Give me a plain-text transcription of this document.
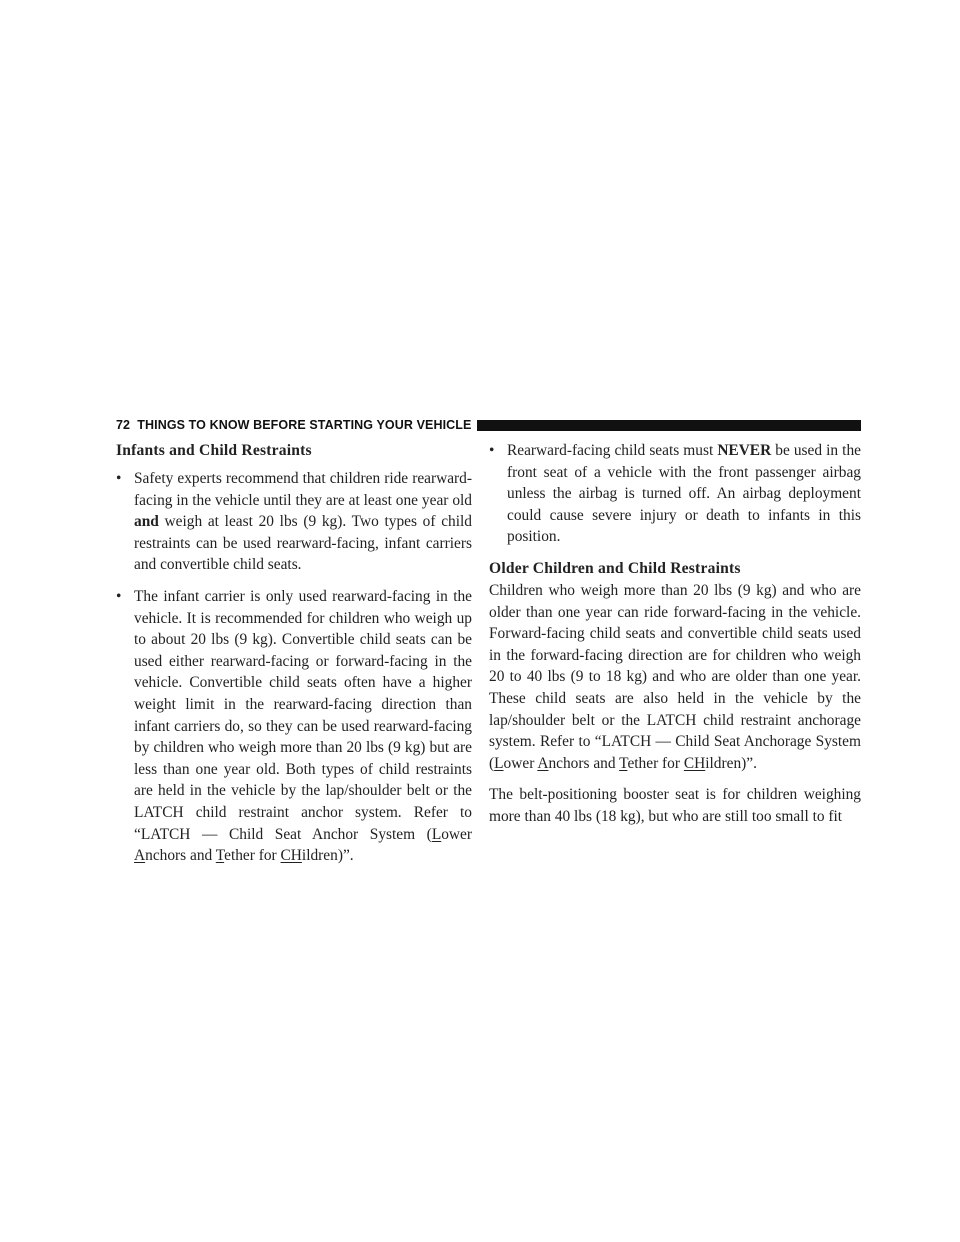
72 THINGS TO KNOW BEFORE STARTING YOUR VEHICLE
Infants and Child Restraints
• Safety experts recommend that children ride rearward-facing in the vehicle until they are at least one year old and weigh at least 20 lbs (9 kg). Two types of child restraints can be used rearward-facing, infant carriers and convertible child seats.
• The infant carrier is only used rearward-facing in the vehicle. It is recommended for children who weigh up to about 20 lbs (9 kg). Convertible child seats can be used either rearward-facing or forward-facing in the vehicle. Convertible child seats often have a higher weight limit in the rearward-facing direction than infant carriers do, so they can be used rearward-facing by children who weigh more than 20 lbs (9 kg) but are less than one year old. Both types of child restraints are held in the vehicle by the lap/shoulder belt or the LATCH child restraint anchor system. Refer to “LATCH — Child Seat Anchor System (Lower Anchors and Tether for CHildren)”.
• Rearward-facing child seats must NEVER be used in the front seat of a vehicle with the front passenger airbag unless the airbag is turned off. An airbag deployment could cause severe injury or death to infants in this position.
Older Children and Child Restraints

Children who weigh more than 20 lbs (9 kg) and who are older than one year can ride forward-facing in the vehicle. Forward-facing child seats and convertible child seats used in the forward-facing direction are for children who weigh 20 to 40 lbs (9 to 18 kg) and who are older than one year. These child seats are also held in the vehicle by the lap/shoulder belt or the LATCH child restraint anchorage system. Refer to “LATCH — Child Seat Anchorage System (Lower Anchors and Tether for CHildren)”.

The belt-positioning booster seat is for children weighing more than 40 lbs (18 kg), but who are still too small to fit
